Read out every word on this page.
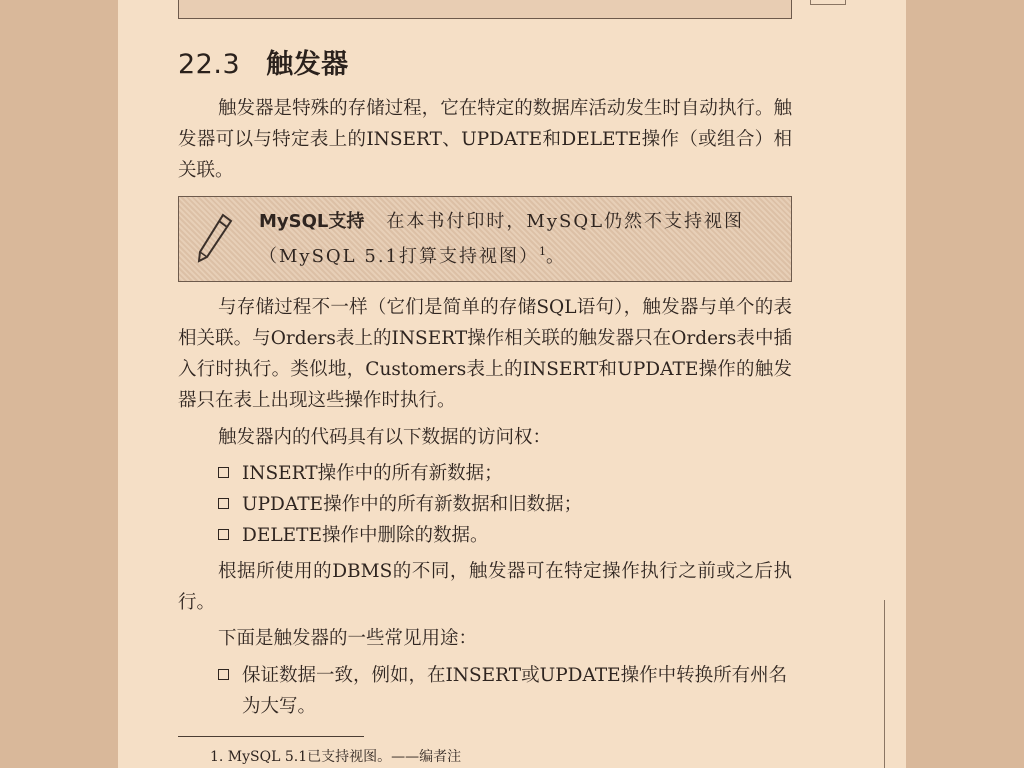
22.3 触发器

触发器是特殊的存储过程，它在特定的数据库活动发生时自动执行。触发器可以与特定表上的INSERT、UPDATE和DELETE操作（或组合）相关联。

MySQL支持 在本书付印时，MySQL仍然不支持视图（MySQL 5.1打算支持视图）$^1$。

与存储过程不一样（它们是简单的存储SQL语句），触发器与单个的表相关联。与Orders表上的INSERT操作相关联的触发器只在Orders表中插入行时执行。类似地，Customers表上的INSERT和UPDATE操作的触发器只在表上出现这些操作时执行。

触发器内的代码具有以下数据的访问权：

INSERT操作中的所有新数据；
UPDATE操作中的所有新数据和旧数据；
DELETE操作中删除的数据。

根据所使用的DBMS的不同，触发器可在特定操作执行之前或之后执行。

下面是触发器的一些常见用途：

保证数据一致，例如，在INSERT或UPDATE操作中转换所有州名为大写。
1. MySQL 5.1已支持视图。——编者注
